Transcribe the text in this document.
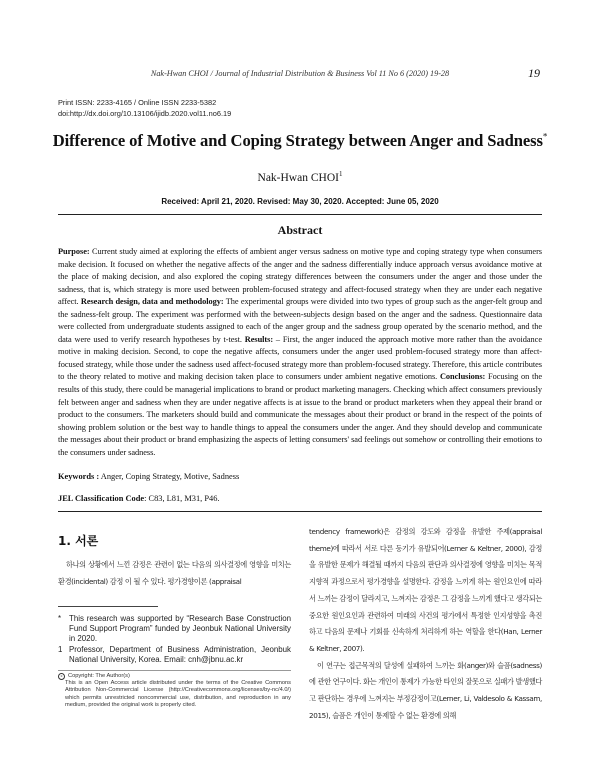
Nak-Hwan CHOI / Journal of Industrial Distribution & Business Vol 11 No 6 (2020) 19-28	19
Print ISSN: 2233-4165 / Online ISSN 2233-5382
doi:http://dx.doi.org/10.13106/ijidb.2020.vol11.no6.19
Difference of Motive and Coping Strategy between Anger and Sadness*
Nak-Hwan CHOI$^1$
Received: April 21, 2020. Revised: May 30, 2020. Accepted: June 05, 2020
Abstract
Purpose: Current study aimed at exploring the effects of ambient anger versus sadness on motive type and coping strategy type when consumers make decision. It focused on whether the negative affects of the anger and the sadness differentially induce approach versus avoidance motive at the place of making decision, and also explored the coping strategy differences between the consumers under the anger and those under the sadness, that is, which strategy is more used between problem-focused strategy and affect-focused strategy when they are under each negative affect. Research design, data and methodology: The experimental groups were divided into two types of group such as the anger-felt group and the sadness-felt group. The experiment was performed with the between-subjects design based on the anger and the sadness. Questionnaire data were collected from undergraduate students assigned to each of the anger group and the sadness group operated by the scenario method, and the data were used to verify research hypotheses by t-test. Results: – First, the anger induced the approach motive more rather than the avoidance motive in making decision. Second, to cope the negative affects, consumers under the anger used problem-focused strategy more than affect-focused strategy, while those under the sadness used affect-focused strategy more than problem-focused strategy. Therefore, this article contributes to the theory related to motive and making decision taken place to consumers under ambient negative emotions. Conclusions: Focusing on the results of this study, there could be managerial implications to brand or product marketing managers. Checking which affect consumers previously felt between anger and sadness when they are under negative affects is at issue to the brand or product marketers when they appeal their brand or product to the consumers. The marketers should build and communicate the messages about their product or brand in the respect of the points of showing problem solution or the best way to handle things to appeal the consumers under the anger. And they should develop and communicate the messages about their product or brand emphasizing the aspects of letting consumers' sad feelings out somehow or controlling their emotions to the consumers under sadness.
Keywords : Anger, Coping Strategy, Motive, Sadness
JEL Classification Code: C83, L81, M31, P46.
1. 서론
하나의 상황에서 느낀 감정은 관련이 없는 다음의 의사결정에 영향을 미치는 환경(incidental) 감정 이 될 수 있다. 평가경향이론 (appraisal
*	This research was supported by “Research Base Construction Fund Support Program” funded by Jeonbuk National University in 2020.
1 Professor, Department of Business Administration, Jeonbuk National University, Korea. Email: cnh@jbnu.ac.kr
c Copyright: The Author(s)
This is an Open Access article distributed under the terms of the Creative Commons Attribution Non-Commercial License (http://Creativecommons.org/licenses/by-nc/4.0/) which permits unrestricted noncommercial use, distribution, and reproduction in any medium, provided the original work is properly cited.

tendency framework)은 감정의 강도와 감정을 유발한 주제(appraisal theme)에 따라서 서로 다른 동기가 유발되어(Lerner & Keltner, 2000), 감정을 유발한 문제가 해결될 때까지 다음의 판단과 의사결정에 영향을 미치는 목적지향적 과정으로서 평가경향을 설명한다. 감정을 느끼게 하는 원인요인에 따라서 느끼는 감정이 달라지고, 느껴지는 감정은 그 감정을 느끼게 했다고 생각되는 중요한 원인요인과 관련하여 미래의 사건의 평가에서 특정한 인지성향을 촉진하고 다음의 문제나 기회를 신속하게 처리하게 하는 역할을 한다(Han, Lerner & Keltner, 2007).

이 연구는 접근목적의 달성에 실패하여 느끼는 화(anger)와 슬픔(sadness)에 관한 연구이다. 화는 개인이 통제가 가능한 타인의 잘못으로 실패가 발생했다고 판단하는 경우에 느껴지는 부정감정이고(Lerner, Li, Valdesolo & Kassam, 2015), 슬픔은 개인이 통제할 수 없는 환경에 의해
